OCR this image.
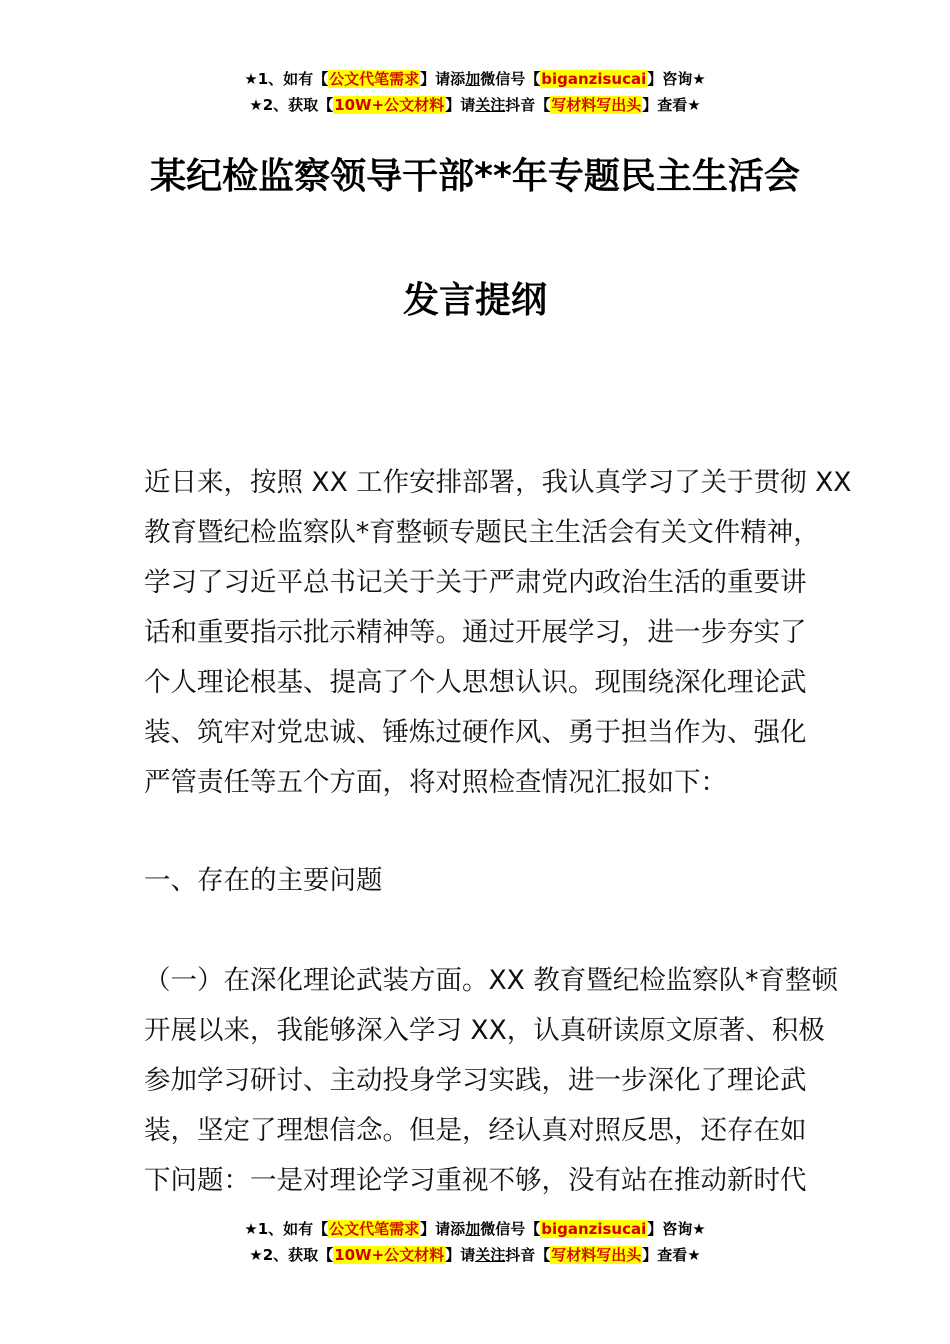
★1、如有【公文代笔需求】请添加微信号【biganzisucai】咨询★
★2、获取【10W+公文材料】请关注抖音【写材料写出头】查看★
某纪检监察领导干部**年专题民主生活会
发言提纲
近日来，按照 XX 工作安排部署，我认真学习了关于贯彻 XX
教育暨纪检监察队*育整顿专题民主生活会有关文件精神，
学习了习近平总书记关于关于严肃党内政治生活的重要讲
话和重要指示批示精神等。通过开展学习，进一步夯实了
个人理论根基、提高了个人思想认识。现围绕深化理论武
装、筑牢对党忠诚、锤炼过硬作风、勇于担当作为、强化
严管责任等五个方面，将对照检查情况汇报如下：
一、存在的主要问题
（一）在深化理论武装方面。XX 教育暨纪检监察队*育整顿
开展以来，我能够深入学习 XX，认真研读原文原著、积极
参加学习研讨、主动投身学习实践，进一步深化了理论武
装，坚定了理想信念。但是，经认真对照反思，还存在如
下问题：一是对理论学习重视不够，没有站在推动新时代
★1、如有【公文代笔需求】请添加微信号【biganzisucai】咨询★
★2、获取【10W+公文材料】请关注抖音【写材料写出头】查看★
